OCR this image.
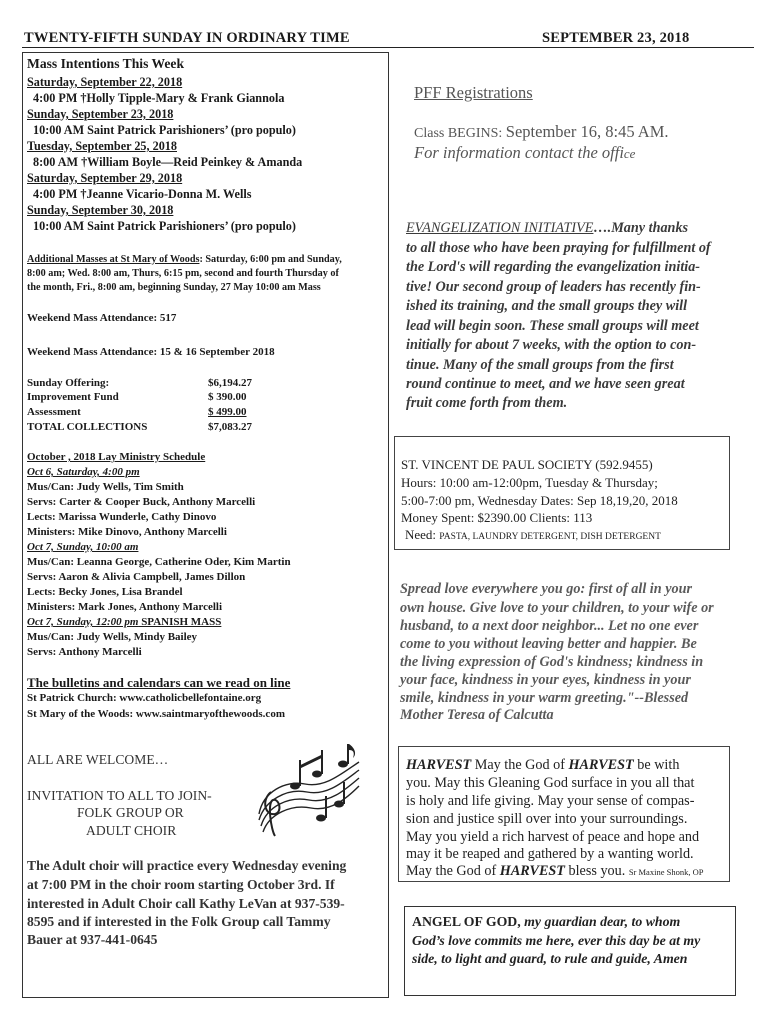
TWENTY-FIFTH SUNDAY IN ORDINARY TIME	SEPTEMBER 23, 2018
Mass Intentions This Week
Saturday, September 22, 2018
4:00 PM †Holly Tipple-Mary & Frank Giannola
Sunday, September 23, 2018
10:00 AM Saint Patrick Parishioners’ (pro populo)
Tuesday, September 25, 2018
8:00 AM †William Boyle—Reid Peinkey & Amanda
Saturday, September 29, 2018
4:00 PM †Jeanne Vicario-Donna M. Wells
Sunday, September 30, 2018
10:00 AM Saint Patrick Parishioners’ (pro populo)
Additional Masses at St Mary of Woods: Saturday, 6:00 pm and Sunday,
8:00 am; Wed. 8:00 am, Thurs, 6:15 pm, second and fourth Thursday of
the month, Fri., 8:00 am, beginning Sunday, 27 May 10:00 am Mass
Weekend Mass Attendance: 517
Weekend Mass Attendance: 15 & 16 September 2018
Sunday Offering:	$6,194.27
Improvement Fund	$ 390.00
Assessment	$ 499.00
TOTAL COLLECTIONS	$7,083.27
October , 2018 Lay Ministry Schedule
Oct 6, Saturday, 4:00 pm
Mus/Can: Judy Wells, Tim Smith
Servs: Carter & Cooper Buck, Anthony Marcelli
Lects: Marissa Wunderle, Cathy Dinovo
Ministers: Mike Dinovo, Anthony Marcelli
Oct 7, Sunday, 10:00 am
Mus/Can: Leanna George, Catherine Oder, Kim Martin
Servs: Aaron & Alivia Campbell, James Dillon
Lects: Becky Jones, Lisa Brandel
Ministers: Mark Jones, Anthony Marcelli
Oct 7, Sunday, 12:00 pm SPANISH MASS
Mus/Can: Judy Wells, Mindy Bailey
Servs: Anthony Marcelli
The bulletins and calendars can we read on line
St Patrick Church: www.catholicbellefontaine.org
St Mary of the Woods: www.saintmaryofthewoods.com
ALL ARE WELCOME…
INVITATION TO ALL TO JOIN-
FOLK GROUP OR
ADULT CHOIR
The Adult choir will practice every Wednesday evening
at 7:00 PM in the choir room starting October 3rd. If
interested in Adult Choir call Kathy LeVan at 937-539-
8595 and if interested in the Folk Group call Tammy
Bauer at 937-441-0645
PFF Registrations
Class BEGINS: September 16, 8:45 AM.
For information contact the office
EVANGELIZATION INITIATIVE….Many thanks
to all those who have been praying for fulfillment of
the Lord's will regarding the evangelization initia-
tive! Our second group of leaders has recently fin-
ished its training, and the small groups they will
lead will begin soon. These small groups will meet
initially for about 7 weeks, with the option to con-
tinue. Many of the small groups from the first
round continue to meet, and we have seen great
fruit come forth from them.
ST. VINCENT DE PAUL SOCIETY (592.9455)
Hours: 10:00 am-12:00pm, Tuesday & Thursday;
5:00-7:00 pm, Wednesday Dates: Sep 18,19,20, 2018
Money Spent: $2390.00 Clients: 113
Need: PASTA, LAUNDRY DETERGENT, DISH DETERGENT
Spread love everywhere you go: first of all in your
own house. Give love to your children, to your wife or
husband, to a next door neighbor... Let no one ever
come to you without leaving better and happier. Be
the living expression of God's kindness; kindness in
your face, kindness in your eyes, kindness in your
smile, kindness in your warm greeting."--Blessed
Mother Teresa of Calcutta
HARVEST May the God of HARVEST be with
you. May this Gleaning God surface in you all that
is holy and life giving. May your sense of compas-
sion and justice spill over into your surroundings.
May you yield a rich harvest of peace and hope and
may it be reaped and gathered by a wanting world.
May the God of HARVEST bless you. Sr Maxine Shonk, OP
ANGEL OF GOD, my guardian dear, to whom
God’s love commits me here, ever this day be at my
side, to light and guard, to rule and guide, Amen
